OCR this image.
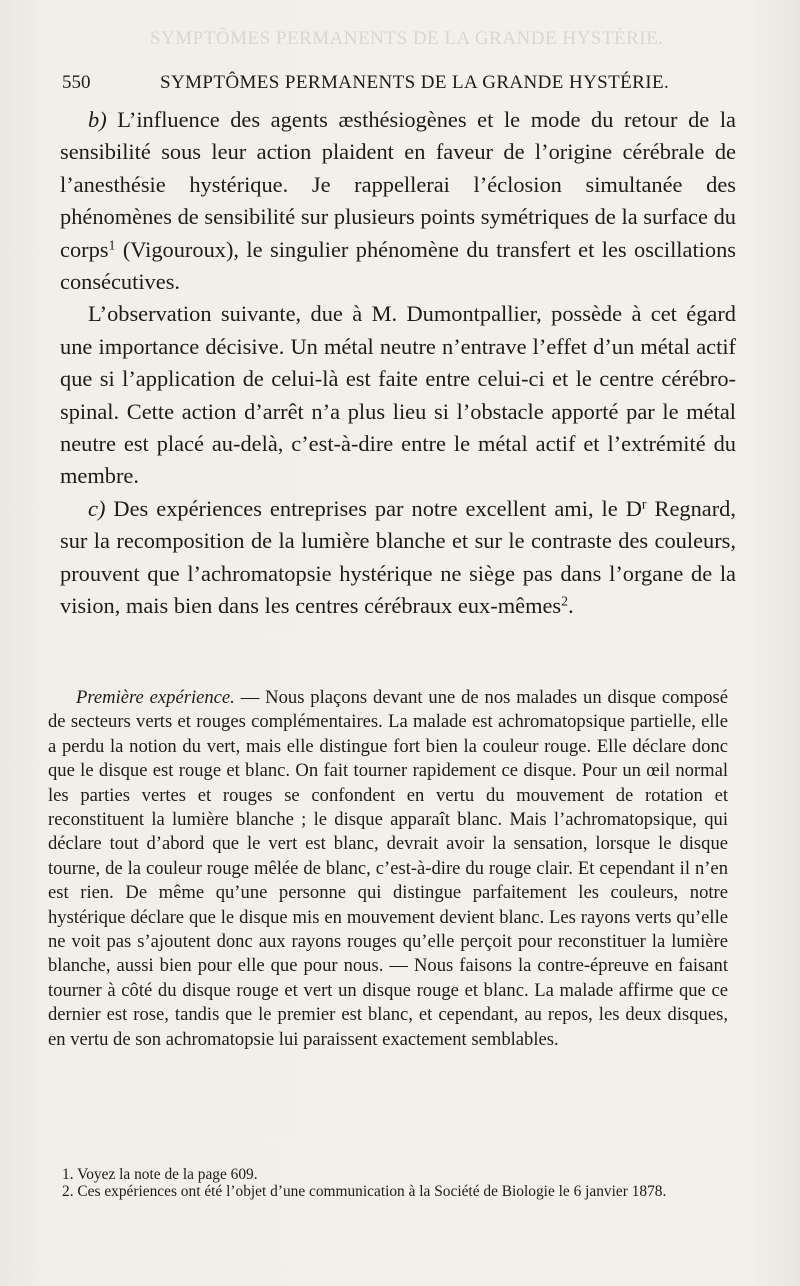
SYMPTÔMES PERMANENTS DE LA GRANDE HYSTÉRIE.
550	SYMPTÔMES PERMANENTS DE LA GRANDE HYSTÉRIE.

b) L’influence des agents æsthésiogènes et le mode du retour de la sensibilité sous leur action plaident en faveur de l’origine cérébrale de l’anesthésie hystérique. Je rappellerai l’éclosion simultanée des phénomènes de sensibilité sur plusieurs points symétriques de la surface du corps$^1$ (Vigouroux), le singulier phénomène du transfert et les oscillations consécutives.

L’observation suivante, due à M. Dumontpallier, possède à cet égard une importance décisive. Un métal neutre n’entrave l’effet d’un métal actif que si l’application de celui-là est faite entre celui-ci et le centre cérébro-spinal. Cette action d’arrêt n’a plus lieu si l’obstacle apporté par le métal neutre est placé au-delà, c’est-à-dire entre le métal actif et l’extrémité du membre.

c) Des expériences entreprises par notre excellent ami, le $D^r$ Regnard, sur la recomposition de la lumière blanche et sur le contraste des couleurs, prouvent que l’achromatopsie hystérique ne siège pas dans l’organe de la vision, mais bien dans les centres cérébraux eux-mêmes$^2$.

Première expérience. — Nous plaçons devant une de nos malades un disque composé de secteurs verts et rouges complémentaires. La malade est achromatopsique partielle, elle a perdu la notion du vert, mais elle distingue fort bien la couleur rouge. Elle déclare donc que le disque est rouge et blanc. On fait tourner rapidement ce disque. Pour un œil normal les parties vertes et rouges se confondent en vertu du mouvement de rotation et reconstituent la lumière blanche ; le disque apparaît blanc. Mais l’achromatopsique, qui déclare tout d’abord que le vert est blanc, devrait avoir la sensation, lorsque le disque tourne, de la couleur rouge mêlée de blanc, c’est-à-dire du rouge clair. Et cependant il n’en est rien. De même qu’une personne qui distingue parfaitement les couleurs, notre hystérique déclare que le disque mis en mouvement devient blanc. Les rayons verts qu’elle ne voit pas s’ajoutent donc aux rayons rouges qu’elle perçoit pour reconstituer la lumière blanche, aussi bien pour elle que pour nous. — Nous faisons la contre-épreuve en faisant tourner à côté du disque rouge et vert un disque rouge et blanc. La malade affirme que ce dernier est rose, tandis que le premier est blanc, et cependant, au repos, les deux disques, en vertu de son achromatopsie lui paraissent exactement semblables.

1. Voyez la note de la page 609.

2. Ces expériences ont été l’objet d’une communication à la Société de Biologie le 6 janvier 1878.
